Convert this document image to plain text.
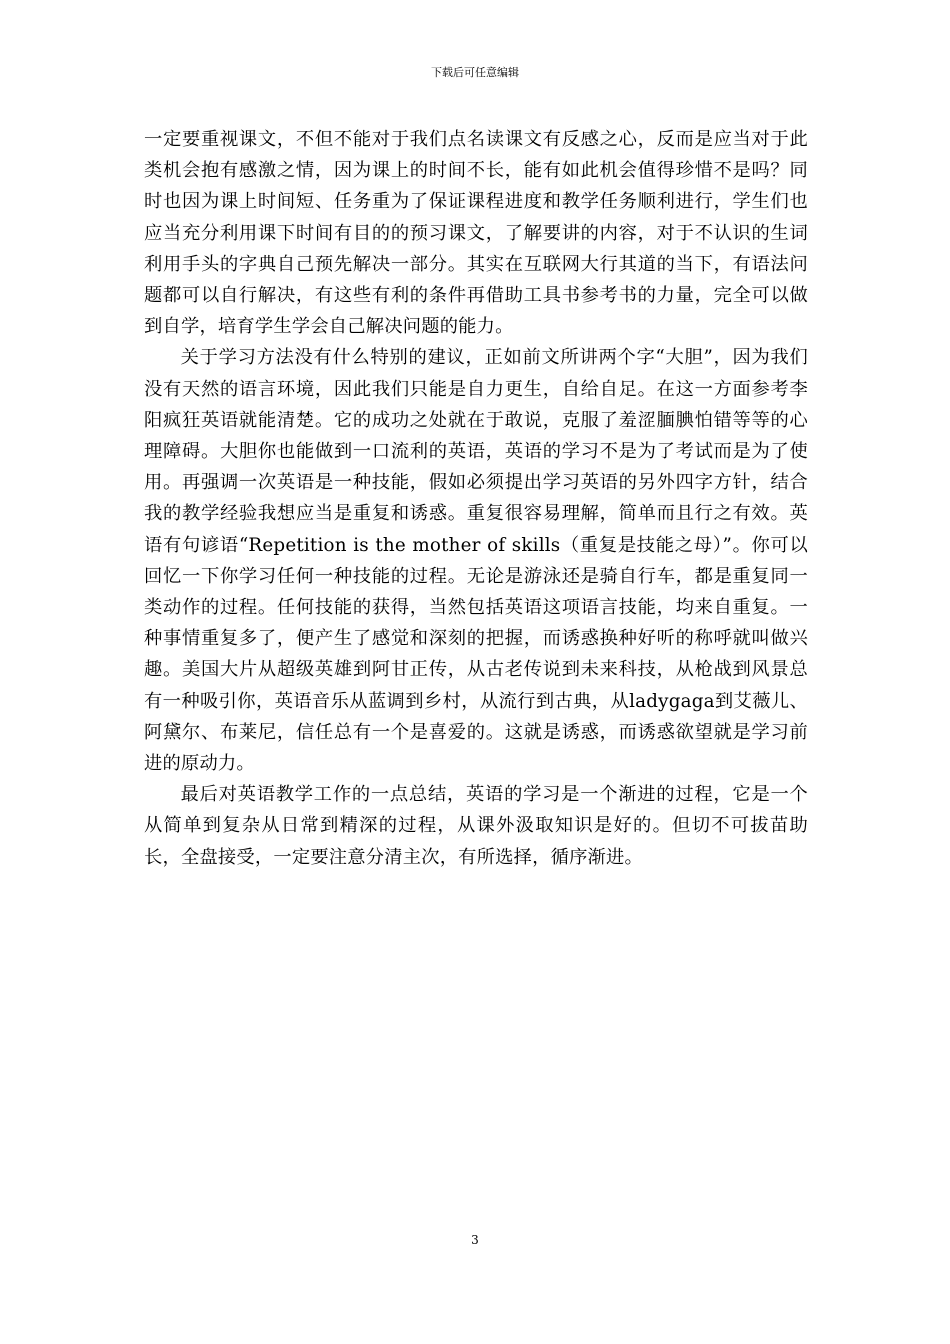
下载后可任意编辑

一定要重视课文，不但不能对于我们点名读课文有反感之心，反而是应当对于此类机会抱有感激之情，因为课上的时间不长，能有如此机会值得珍惜不是吗？同时也因为课上时间短、任务重为了保证课程进度和教学任务顺利进行，学生们也应当充分利用课下时间有目的的预习课文，了解要讲的内容，对于不认识的生词利用手头的字典自己预先解决一部分。其实在互联网大行其道的当下，有语法问题都可以自行解决，有这些有利的条件再借助工具书参考书的力量，完全可以做到自学，培育学生学会自己解决问题的能力。

关于学习方法没有什么特别的建议，正如前文所讲两个字“大胆”，因为我们没有天然的语言环境，因此我们只能是自力更生，自给自足。在这一方面参考李阳疯狂英语就能清楚。它的成功之处就在于敢说，克服了羞涩腼腆怕错等等的心理障碍。大胆你也能做到一口流利的英语，英语的学习不是为了考试而是为了使用。再强调一次英语是一种技能，假如必须提出学习英语的另外四字方针，结合我的教学经验我想应当是重复和诱惑。重复很容易理解，简单而且行之有效。英语有句谚语“Repetition is the mother of skills（重复是技能之母）”。你可以回忆一下你学习任何一种技能的过程。无论是游泳还是骑自行车，都是重复同一类动作的过程。任何技能的获得，当然包括英语这项语言技能，均来自重复。一种事情重复多了，便产生了感觉和深刻的把握，而诱惑换种好听的称呼就叫做兴趣。美国大片从超级英雄到阿甘正传，从古老传说到未来科技，从枪战到风景总有一种吸引你，英语音乐从蓝调到乡村，从流行到古典，从ladygaga到艾薇儿、阿黛尔、布莱尼，信任总有一个是喜爱的。这就是诱惑，而诱惑欲望就是学习前进的原动力。

最后对英语教学工作的一点总结，英语的学习是一个渐进的过程，它是一个从简单到复杂从日常到精深的过程，从课外汲取知识是好的。但切不可拔苗助长，全盘接受，一定要注意分清主次，有所选择，循序渐进。

3
